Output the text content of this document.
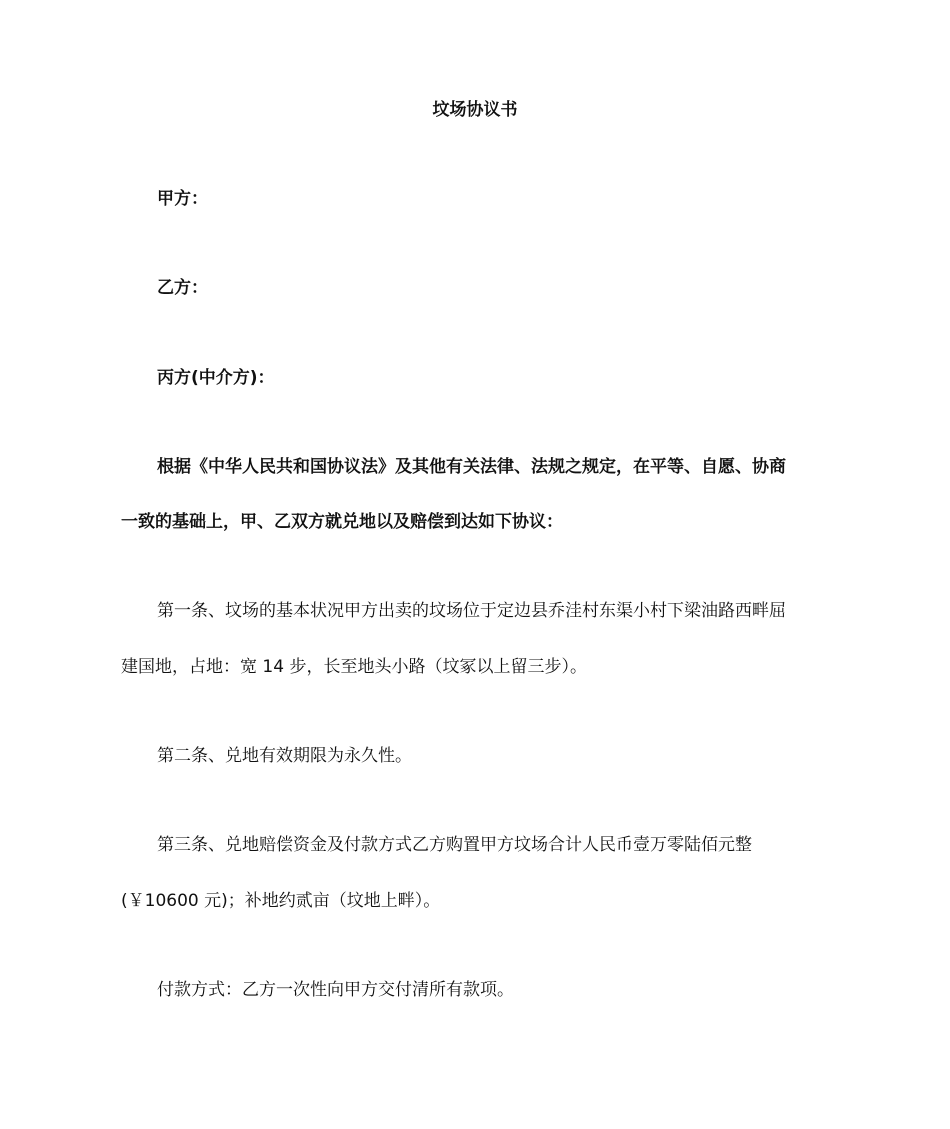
坟场协议书

甲方：

乙方：

丙方(中介方)：

根据《中华人民共和国协议法》及其他有关法律、法规之规定，在平等、自愿、协商

一致的基础上，甲、乙双方就兑地以及赔偿到达如下协议：

第一条、坟场的基本状况甲方出卖的坟场位于定边县乔洼村东渠小村下梁油路西畔屈

建国地，占地：宽 14 步，长至地头小路（坟冢以上留三步）。

第二条、兑地有效期限为永久性。

第三条、兑地赔偿资金及付款方式乙方购置甲方坟场合计人民币壹万零陆佰元整

(￥10600 元)；补地约贰亩（坟地上畔）。

付款方式：乙方一次性向甲方交付清所有款项。
